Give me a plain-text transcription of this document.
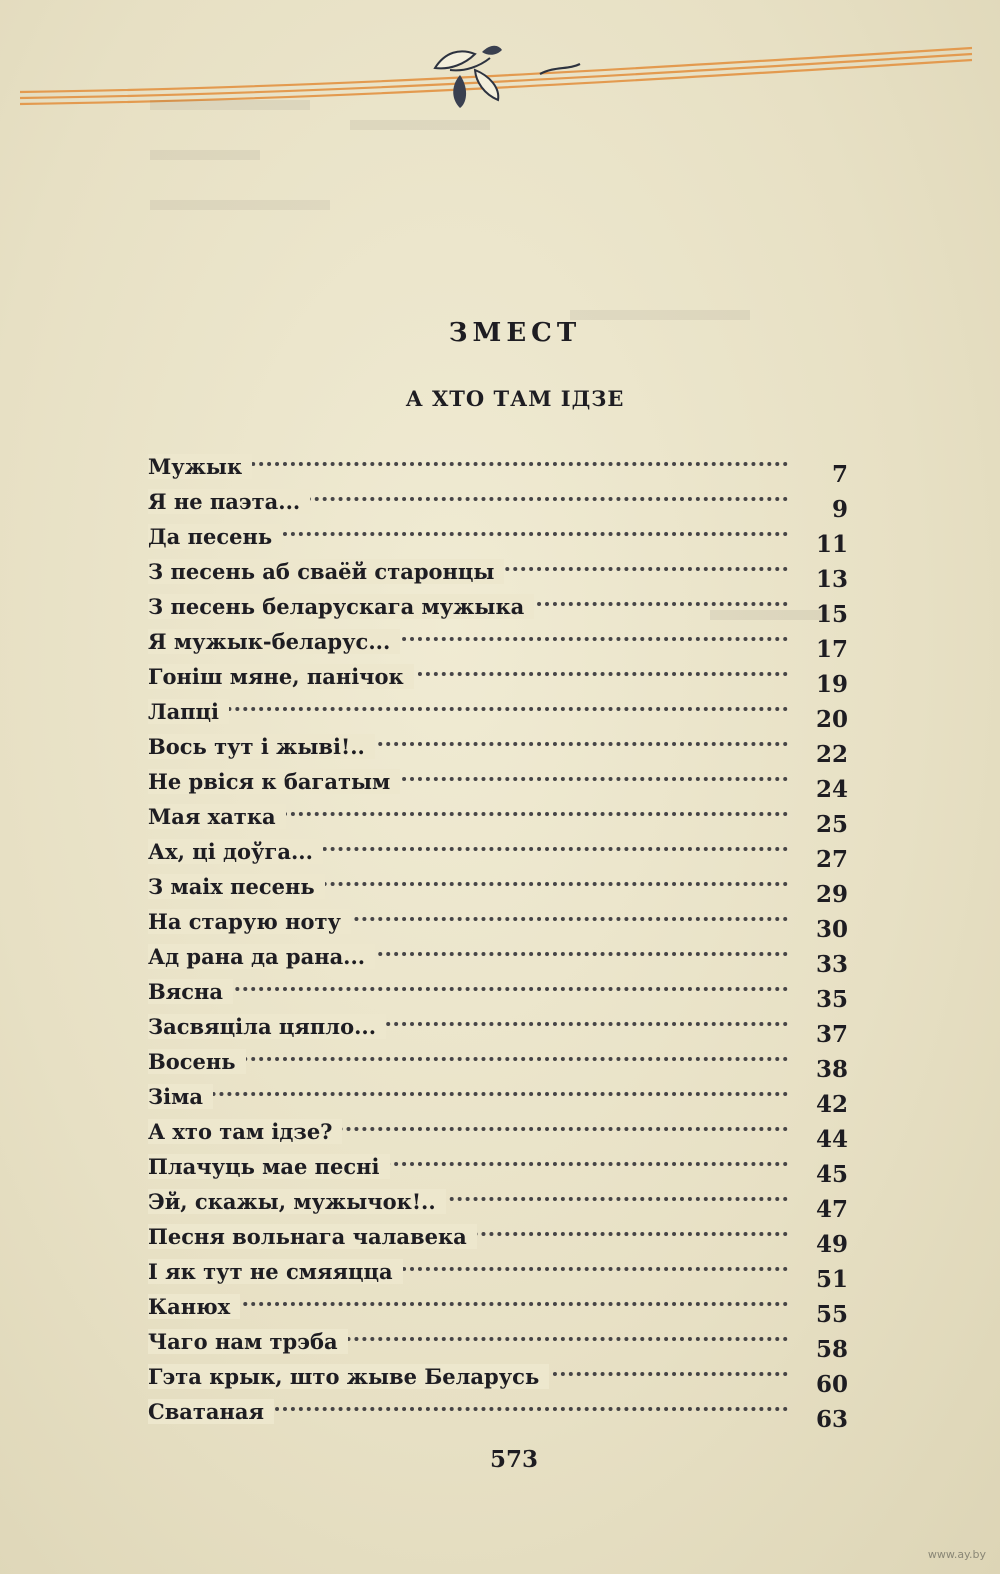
ЗМЕСТ
А ХТО ТАМ ІДЗЕ
Мужык	7
Я не паэта...	9
Да песень	11
З песень аб сваёй старонцы	13
З песень беларускага мужыка	15
Я мужык-беларус...	17
Гоніш мяне, панічок	19
Лапці	20
Вось тут і жыві!..	22
Не рвіся к багатым	24
Мая хатка	25
Ах, ці доўга...	27
З маіх песень	29
На старую ноту	30
Ад рана да рана...	33
Вясна	35
Засвяціла цяпло...	37
Восень	38
Зіма	42
А хто там ідзе?	44
Плачуць мае песні	45
Эй, скажы, мужычок!..	47
Песня вольнага чалавека	49
І як тут не смяяцца	51
Канюх	55
Чаго нам трэба	58
Гэта крык, што жыве Беларусь	60
Сватаная	63
573
www.ay.by
